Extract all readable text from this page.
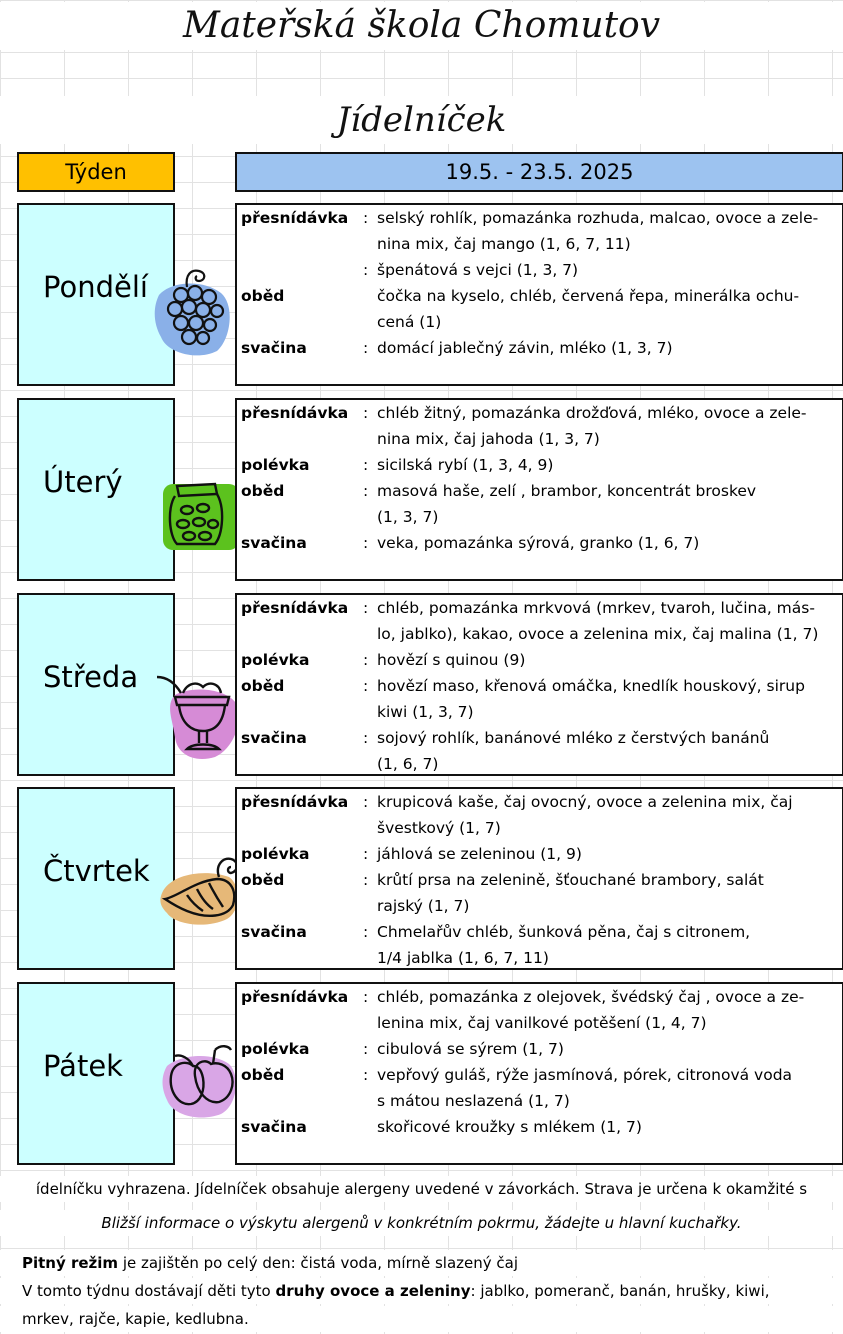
Mateřská škola Chomutov
Jídelníček
Týden	19.5. - 23.5. 2025
Pondělí
přesnídávka : selský rohlík, pomazánka rozhuda, malcao, ovoce a zele-
nina mix, čaj mango (1, 6, 7, 11)
: špenátová s vejci (1, 3, 7)
oběd	čočka na kyselo, chléb, červená řepa, minerálka ochu-
cená (1)
svačina	: domácí jablečný závin, mléko (1, 3, 7)
Úterý
přesnídávka : chléb žitný, pomazánka drožďová, mléko, ovoce a zele-
nina mix, čaj jahoda (1, 3, 7)
polévka	: sicilská rybí (1, 3, 4, 9)
oběd	: masová haše, zelí , brambor, koncentrát broskev
(1, 3, 7)
svačina	: veka, pomazánka sýrová, granko (1, 6, 7)
Středa
přesnídávka : chléb, pomazánka mrkvová (mrkev, tvaroh, lučina, más-
lo, jablko), kakao, ovoce a zelenina mix, čaj malina (1, 7)
polévka	: hovězí s quinou (9)
oběd	: hovězí maso, křenová omáčka, knedlík houskový, sirup
kiwi (1, 3, 7)
svačina	: sojový rohlík, banánové mléko z čerstvých banánů
(1, 6, 7)
Čtvrtek
přesnídávka : krupicová kaše, čaj ovocný, ovoce a zelenina mix, čaj
švestkový (1, 7)
polévka	: jáhlová se zeleninou (1, 9)
oběd	: krůtí prsa na zelenině, šťouchané brambory, salát
rajský (1, 7)
svačina	: Chmelařův chléb, šunková pěna, čaj s citronem,
1/4 jablka (1, 6, 7, 11)
Pátek
přesnídávka : chléb, pomazánka z olejovek, švédský čaj , ovoce a ze-
lenina mix, čaj vanilkové potěšení (1, 4, 7)
polévka	: cibulová se sýrem (1, 7)
oběd	: vepřový guláš, rýže jasmínová, pórek, citronová voda
s mátou neslazená (1, 7)
svačina	skořicové kroužky s mlékem (1, 7)
ídelníčku vyhrazena. Jídelníček obsahuje alergeny uvedené v závorkách. Strava je určena k okamžité s
Bližší informace o výskytu alergenů v konkrétním pokrmu, žádejte u hlavní kuchařky.
Pitný režim je zajištěn po celý den: čistá voda, mírně slazený čaj
V tomto týdnu dostávají děti tyto druhy ovoce a zeleniny: jablko, pomeranč, banán, hrušky, kiwi,
mrkev, rajče, kapie, kedlubna.
